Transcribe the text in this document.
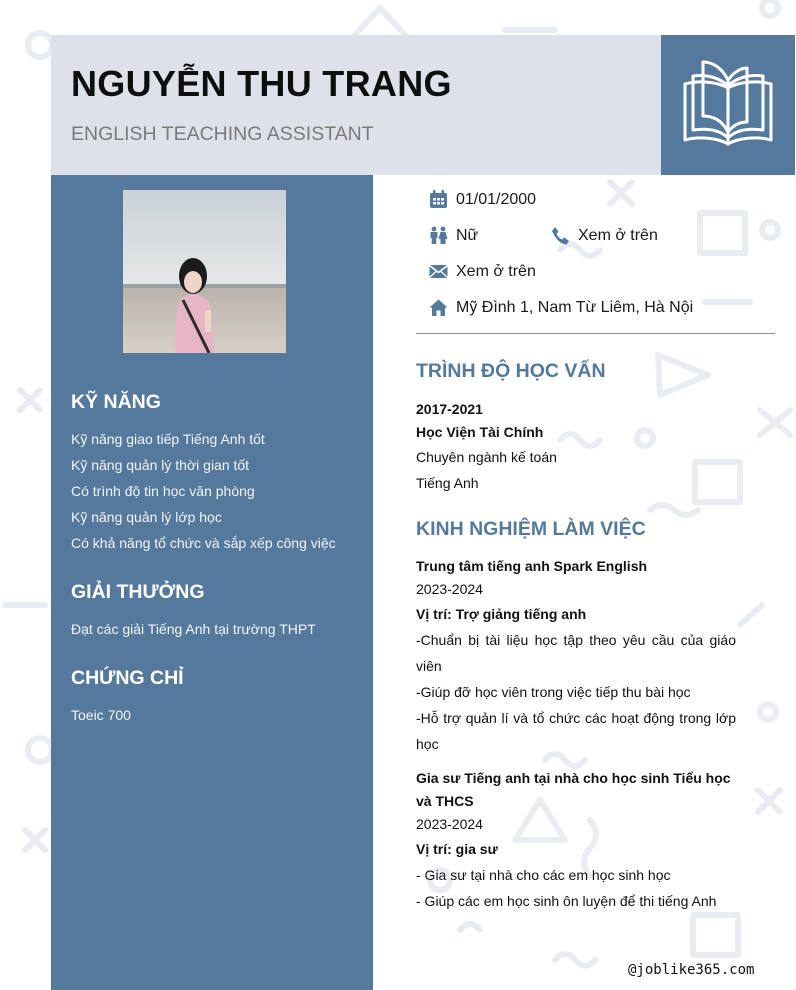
NGUYỄN THU TRANG

ENGLISH TEACHING ASSISTANT

KỸ NĂNG
Kỹ năng giao tiếp Tiếng Anh tốt
Kỹ năng quản lý thời gian tốt
Có trình độ tin học văn phòng
Kỹ năng quản lý lớp học
Có khả năng tổ chức và sắp xếp công việc
GIẢI THƯỞNG
Đạt các giải Tiếng Anh tại trường THPT
CHỨNG CHỈ
Toeic 700
01/01/2000
Nữ	Xem ở trên
Xem ở trên
Mỹ Đình 1, Nam Từ Liêm, Hà Nội
TRÌNH ĐỘ HỌC VẤN
2017-2021
Học Viện Tài Chính
Chuyên ngành kế toán
Tiếng Anh
KINH NGHIỆM LÀM VIỆC
Trung tâm tiếng anh Spark English
2023-2024
Vị trí: Trợ giảng tiếng anh
-Chuẩn bị tài liệu học tập theo yêu cầu của giáo viên
-Giúp đỡ học viên trong việc tiếp thu bài học
-Hỗ trợ quản lí và tổ chức các hoạt động trong lớp học
Gia sư Tiếng anh tại nhà cho học sinh Tiểu học và THCS
2023-2024
Vị trí: gia sư
- Gia sư tại nhà cho các em học sinh học
- Giúp các em học sinh ôn luyện để thi tiếng Anh
@joblike365.com
